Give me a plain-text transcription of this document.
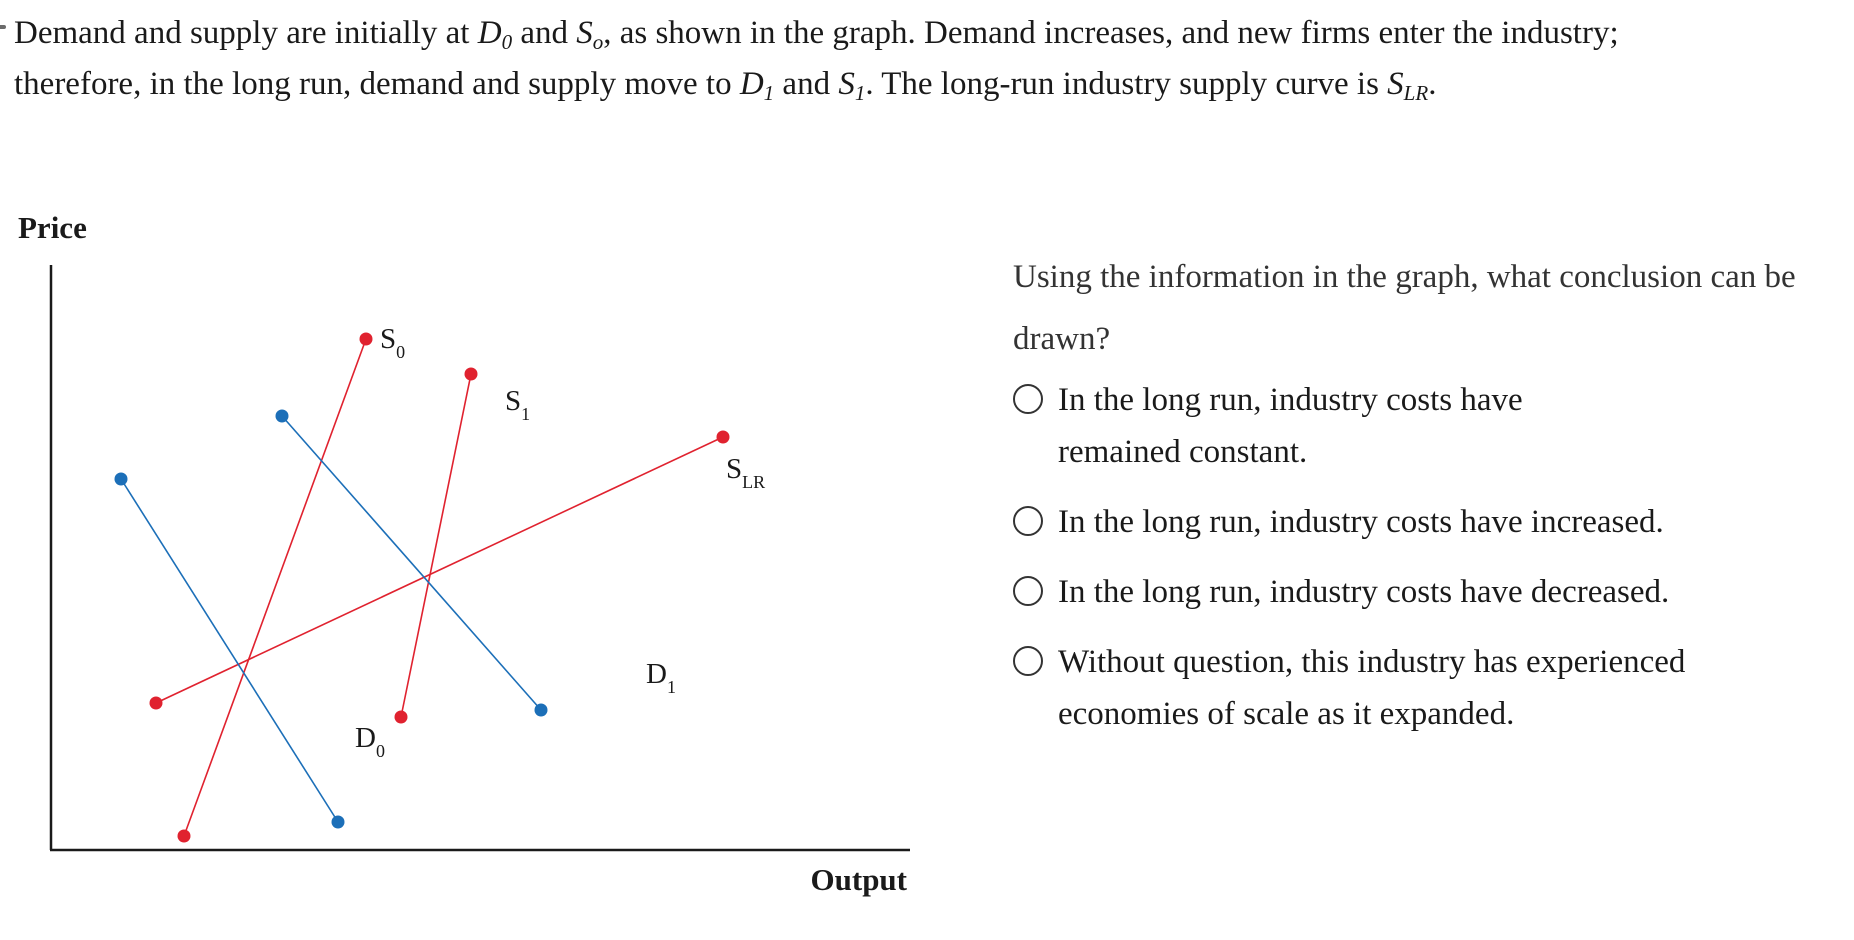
Demand and supply are initially at $D_0$ and $S_o$, as shown in the graph. Demand increases, and new firms enter the industry;
therefore, in the long run, demand and supply move to $D_1$ and $S_1$. The long-run industry supply curve is $S_{LR}$.
Price
Output
$S_0$
$S_1$
$S_{LR}$
$D_0$
$D_1$

Using the information in the graph, what conclusion can be drawn?

In the long run, industry costs have remained constant.
In the long run, industry costs have increased.
In the long run, industry costs have decreased.
Without question, this industry has experienced economies of scale as it expanded.
